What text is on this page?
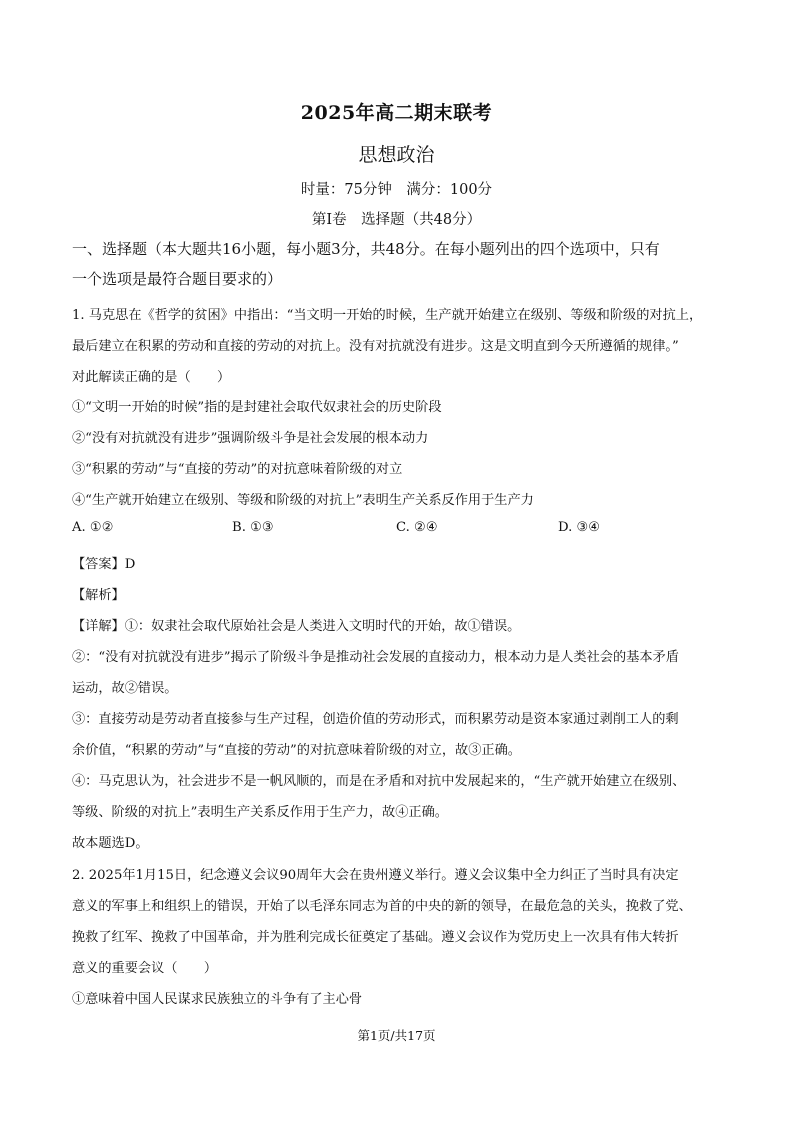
2025年高二期末联考
思想政治
时量：75分钟　满分：100分
第Ⅰ卷　选择题（共48分）
一、选择题（本大题共16小题，每小题3分，共48分。在每小题列出的四个选项中，只有
一个选项是最符合题目要求的）
1. 马克思在《哲学的贫困》中指出：“当文明一开始的时候，生产就开始建立在级别、等级和阶级的对抗上，
最后建立在积累的劳动和直接的劳动的对抗上。没有对抗就没有进步。这是文明直到今天所遵循的规律。”
对此解读正确的是（　　）
①“文明一开始的时候”指的是封建社会取代奴隶社会的历史阶段
②“没有对抗就没有进步”强调阶级斗争是社会发展的根本动力
③“积累的劳动”与“直接的劳动”的对抗意味着阶级的对立
④“生产就开始建立在级别、等级和阶级的对抗上”表明生产关系反作用于生产力
A. ①②	B. ①③	C. ②④	D. ③④
【答案】D
【解析】
【详解】①：奴隶社会取代原始社会是人类进入文明时代的开始，故①错误。
②：“没有对抗就没有进步”揭示了阶级斗争是推动社会发展的直接动力，根本动力是人类社会的基本矛盾
运动，故②错误。
③：直接劳动是劳动者直接参与生产过程，创造价值的劳动形式，而积累劳动是资本家通过剥削工人的剩
余价值，“积累的劳动”与“直接的劳动”的对抗意味着阶级的对立，故③正确。
④：马克思认为，社会进步不是一帆风顺的，而是在矛盾和对抗中发展起来的，“生产就开始建立在级别、
等级、阶级的对抗上”表明生产关系反作用于生产力，故④正确。
故本题选D。
2. 2025年1月15日，纪念遵义会议90周年大会在贵州遵义举行。遵义会议集中全力纠正了当时具有决定
意义的军事上和组织上的错误，开始了以毛泽东同志为首的中央的新的领导，在最危急的关头，挽救了党、
挽救了红军、挽救了中国革命，并为胜利完成长征奠定了基础。遵义会议作为党历史上一次具有伟大转折
意义的重要会议（　　）
①意味着中国人民谋求民族独立的斗争有了主心骨
第1页/共17页
